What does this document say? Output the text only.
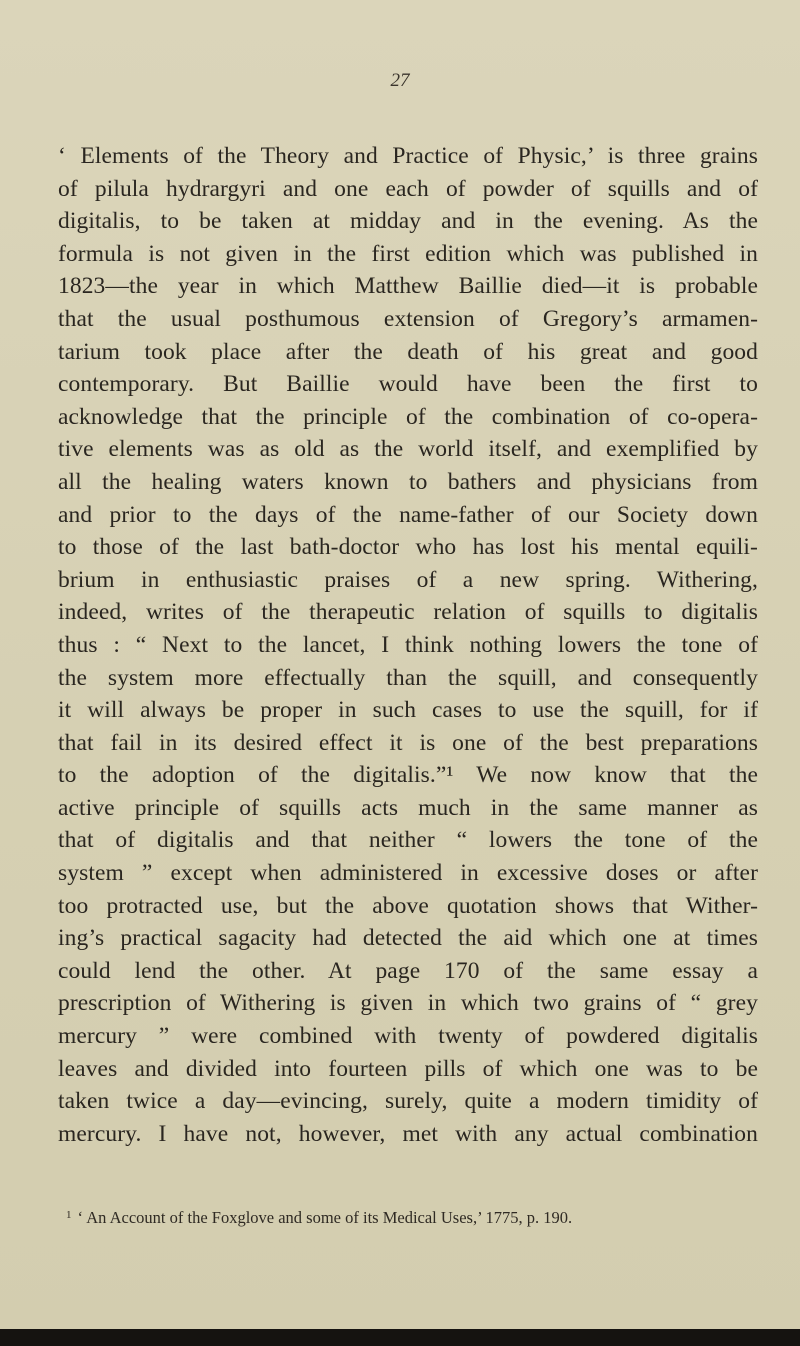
27
‘ Elements of the Theory and Practice of Physic,’ is three grains
of pilula hydrargyri and one each of powder of squills and of
digitalis, to be taken at midday and in the evening. As the
formula is not given in the first edition which was published in
1823—the year in which Matthew Baillie died—it is probable
that the usual posthumous extension of Gregory’s armamen-
tarium took place after the death of his great and good
contemporary. But Baillie would have been the first to
acknowledge that the principle of the combination of co-opera-
tive elements was as old as the world itself, and exemplified by
all the healing waters known to bathers and physicians from
and prior to the days of the name-father of our Society down
to those of the last bath-doctor who has lost his mental equili-
brium in enthusiastic praises of a new spring. Withering,
indeed, writes of the therapeutic relation of squills to digitalis
thus : “ Next to the lancet, I think nothing lowers the tone of
the system more effectually than the squill, and consequently
it will always be proper in such cases to use the squill, for if
that fail in its desired effect it is one of the best preparations
to the adoption of the digitalis.”¹ We now know that the
active principle of squills acts much in the same manner as
that of digitalis and that neither “ lowers the tone of the
system ” except when administered in excessive doses or after
too protracted use, but the above quotation shows that Wither-
ing’s practical sagacity had detected the aid which one at times
could lend the other. At page 170 of the same essay a
prescription of Withering is given in which two grains of “ grey
mercury ” were combined with twenty of powdered digitalis
leaves and divided into fourteen pills of which one was to be
taken twice a day—evincing, surely, quite a modern timidity of
mercury. I have not, however, met with any actual combination
$^1$ ‘ An Account of the Foxglove and some of its Medical Uses,’ 1775, p. 190.
